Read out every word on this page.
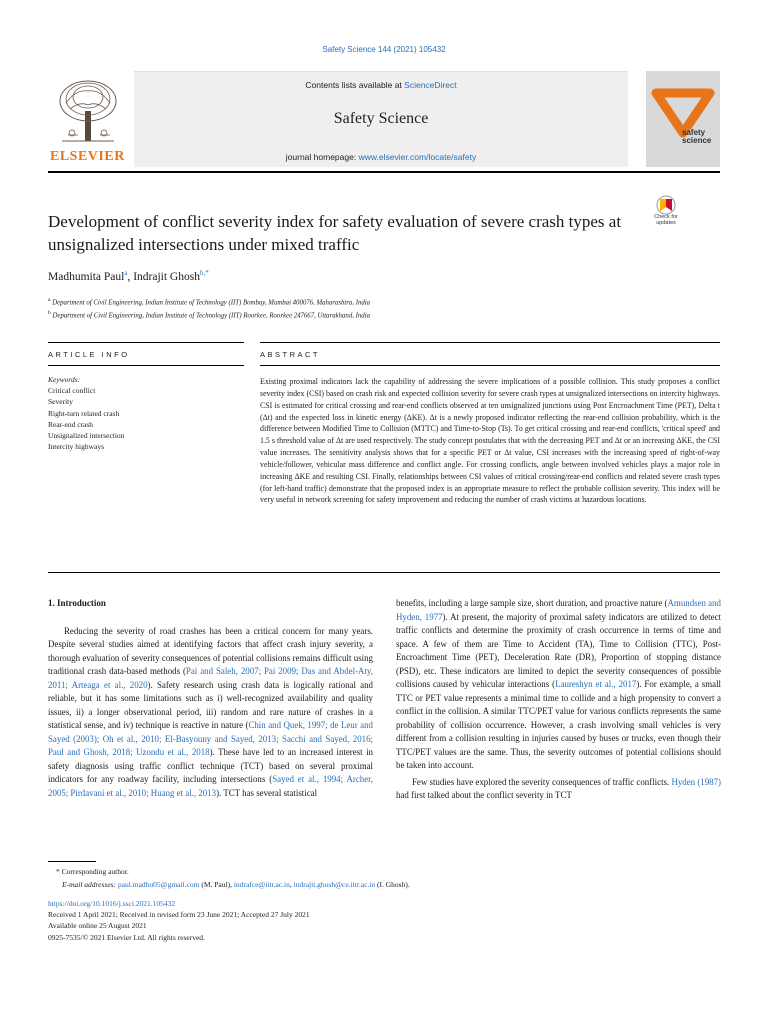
Safety Science 144 (2021) 105432
ELSEVIER
Contents lists available at ScienceDirect
Safety Science
journal homepage: www.elsevier.com/locate/safety
safety
science
Development of conflict severity index for safety evaluation of severe crash types at unsignalized intersections under mixed traffic
Check for updates
Madhumita Paul$^a$, Indrajit Ghosh$^{b,*}$
$^a$ Department of Civil Engineering, Indian Institute of Technology (IIT) Bombay, Mumbai 400076, Maharashtra, India
$^b$ Department of Civil Engineering, Indian Institute of Technology (IIT) Roorkee, Roorkee 247667, Uttarakhand, India
ARTICLE INFO	ABSTRACT
Keywords:
Critical conflict
Severity
Right-turn related crash
Rear-end crash
Unsignalized intersection
Intercity highways
Existing proximal indicators lack the capability of addressing the severe implications of a possible collision. This study proposes a conflict severity index (CSI) based on crash risk and expected collision severity for severe crash types at unsignalized intersections on intercity highways. CSI is estimated for critical crossing and rear-end conflicts observed at ten unsignalized junctions using Post Encroachment Time (PET), Delta t (Δt) and the expected loss in kinetic energy (ΔKE). Δt is a newly proposed indicator reflecting the rear-end collision probability, which is the difference between Modified Time to Collision (MTTC) and Time-to-Stop (Ts). To get critical crossing and rear-end conflicts, 'critical speed' and 1.5 s threshold value of Δt are used respectively. The study concept postulates that with the decreasing PET and Δt or an increasing ΔKE, the CSI value increases. The sensitivity analysis shows that for a specific PET or Δt value, CSI increases with the increasing speed of right-of-way vehicle/follower, vehicular mass difference and conflict angle. For crossing conflicts, angle between involved vehicles plays a major role in increasing ΔKE and resulting CSI. Finally, relationships between CSI values of critical crossing/rear-end conflicts and related severe crash types (for left-hand traffic) demonstrate that the proposed index is an appropriate measure to reflect the probable collision severity. This index will be very useful in network screening for safety improvement and reducing the number of crash victims at hazardous locations.
1. Introduction
Reducing the severity of road crashes has been a critical concern for many years. Despite several studies aimed at identifying factors that affect crash injury severity, a thorough evaluation of severity consequences of potential collisions remains difficult using traditional crash data-based methods (Pai and Saleh, 2007; Pai 2009; Das and Abdel-Aty, 2011; Arteaga et al., 2020). Safety research using crash data is logically rational and reliable, but it has some limitations such as i) well-recognized availability and quality issues, ii) a longer observational period, iii) random and rare nature of crashes in a statistical sense, and iv) technique is reactive in nature (Chin and Quek, 1997; de Leur and Sayed (2003); Oh et al., 2010; El-Basyouny and Sayed, 2013; Sacchi and Sayed, 2016; Paul and Ghosh, 2018; Uzondu et al., 2018). These have led to an increased interest in safety diagnosis using traffic conflict technique (TCT) based on several proximal indicators for any roadway facility, including intersections (Sayed et al., 1994; Archer, 2005; Pirdavani et al., 2010; Huang et al., 2013). TCT has several statistical
benefits, including a large sample size, short duration, and proactive nature (Amundsen and Hyden, 1977). At present, the majority of proximal safety indicators are utilized to detect traffic conflicts and determine the proximity of crash occurrence in terms of time and space. A few of them are Time to Accident (TA), Time to Collision (TTC), Post-Encroachment Time (PET), Deceleration Rate (DR), Proportion of stopping distance (PSD), etc. These indicators are limited to depict the severity consequences of possible collisions caused by vehicular interactions (Laureshyn et al., 2017). For example, a small TTC or PET value represents a minimal time to collide and a high propensity to convert a conflict in the collision. A similar TTC/PET value for various conflicts represents the same probability of collision occurrence. However, a crash involving small vehicles is very different from a collision resulting in injuries caused by buses or trucks, even though their TTC/PET values are the same. Thus, the severity outcomes of potential collisions should be taken into account.
Few studies have explored the severity consequences of traffic conflicts. Hyden (1987) had first talked about the conflict severity in TCT
* Corresponding author.
E-mail addresses: paul.madhu05@gmail.com (M. Paul), indrafce@iitr.ac.in, indrajit.ghosh@ce.iitr.ac.in (I. Ghosh).
https://doi.org/10.1016/j.ssci.2021.105432
Received 1 April 2021; Received in revised form 23 June 2021; Accepted 27 July 2021
Available online 25 August 2021
0925-7535/© 2021 Elsevier Ltd. All rights reserved.
